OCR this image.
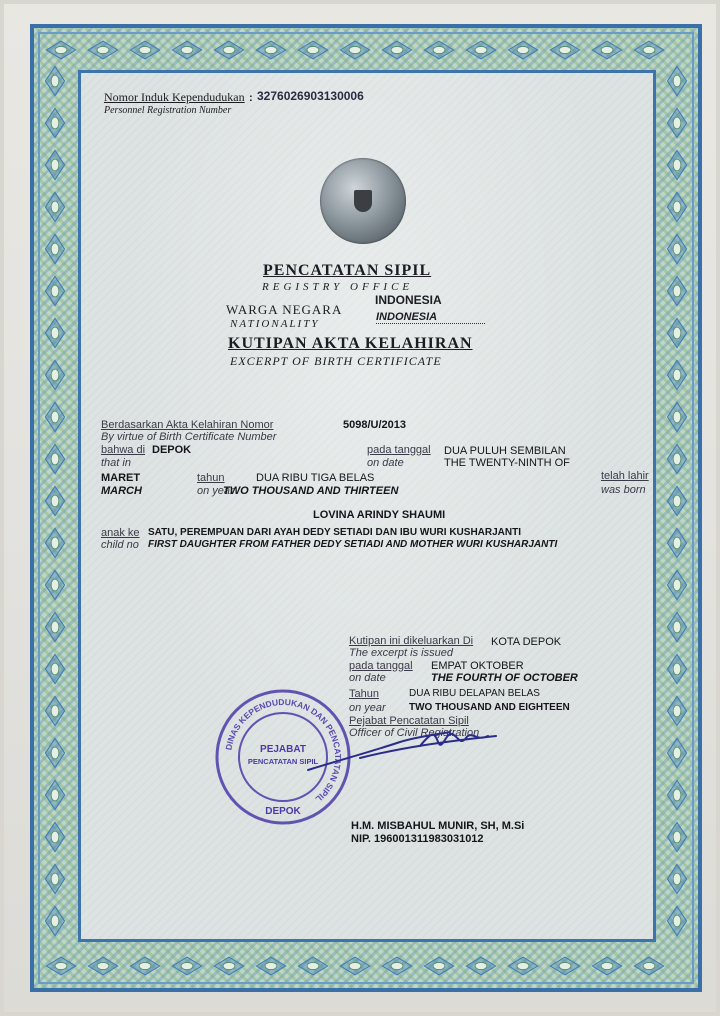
Nomor Induk Kependudukan
Personnel Registration Number
: 3276026903130006
PENCATATAN SIPIL
REGISTRY OFFICE
WARGA NEGARA
NATIONALITY
INDONESIA
INDONESIA
KUTIPAN AKTA KELAHIRAN
EXCERPT OF BIRTH CERTIFICATE
Berdasarkan Akta Kelahiran Nomor
By virtue of Birth Certificate Number
5098/U/2013
bahwa di DEPOK
that in
pada tanggal
on date
DUA PULUH SEMBILAN
THE TWENTY-NINTH OF
MARET
MARCH
tahun
on year
DUA RIBU TIGA BELAS
TWO THOUSAND AND THIRTEEN
telah lahir
was born
LOVINA ARINDY SHAUMI
anak ke
child no
SATU, PEREMPUAN DARI AYAH DEDY SETIADI DAN IBU WURI KUSHARJANTI
FIRST DAUGHTER FROM FATHER DEDY SETIADI AND MOTHER WURI KUSHARJANTI
Kutipan ini dikeluarkan Di
The excerpt is issued
KOTA DEPOK
pada tanggal
on date
EMPAT OKTOBER
THE FOURTH OF OCTOBER
Tahun
on year
DUA RIBU DELAPAN BELAS
TWO THOUSAND AND EIGHTEEN
Pejabat Pencatatan Sipil
Officer of Civil Registration
DINAS KEPENDUDUKAN DAN PENCATATAN SIPIL
PEJABAT
PENCATATAN SIPIL
DEPOK
H.M. MISBAHUL MUNIR, SH, M.Si
NIP. 196001311983031012
